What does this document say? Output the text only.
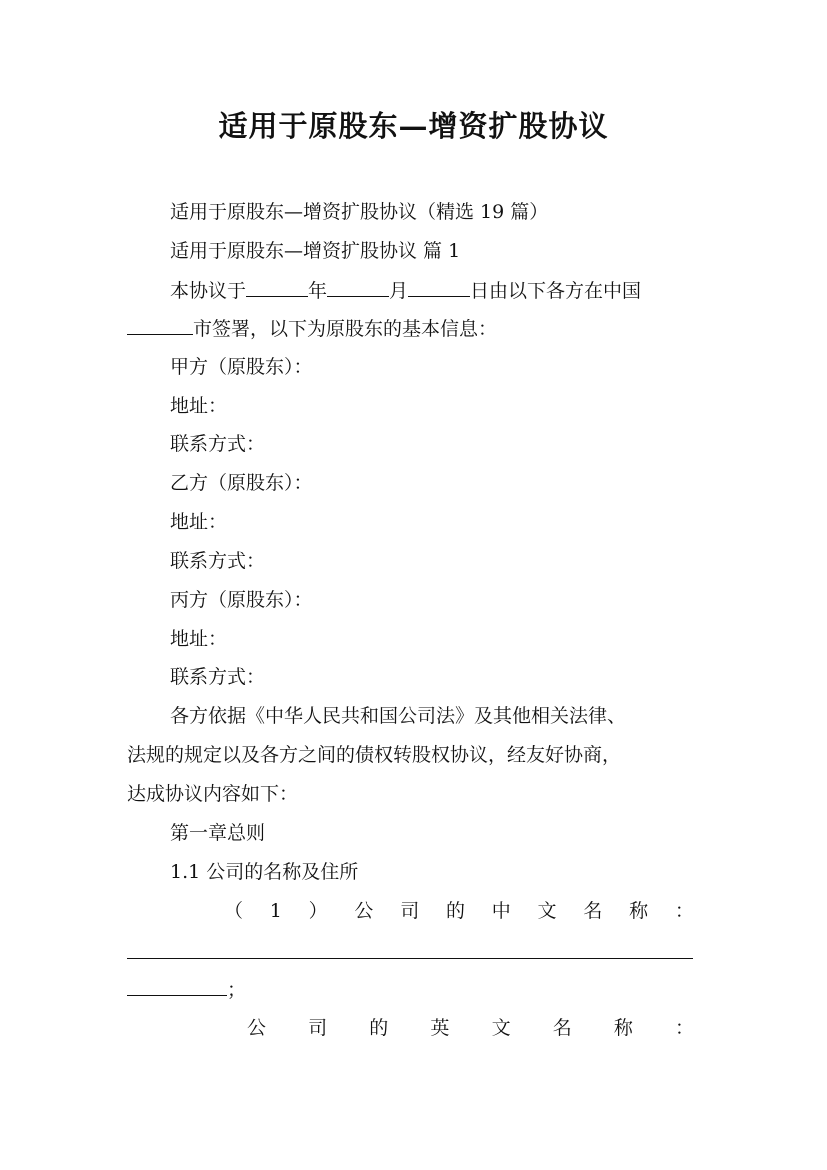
适用于原股东—增资扩股协议
适用于原股东—增资扩股协议（精选 19 篇）
适用于原股东—增资扩股协议 篇 1
本协议于	年	月	日由以下各方在中国
市签署，以下为原股东的基本信息：
甲方（原股东）：
地址：
联系方式：
乙方（原股东）：
地址：
联系方式：
丙方（原股东）：
地址：
联系方式：
各方依据《中华人民共和国公司法》及其他相关法律、
法规的规定以及各方之间的债权转股权协议，经友好协商，
达成协议内容如下：
第一章总则
1.1 公司的名称及住所
（ 1 ） 公 司 的 中 文 名 称 ：
；
公 司 的 英 文 名 称 ：
